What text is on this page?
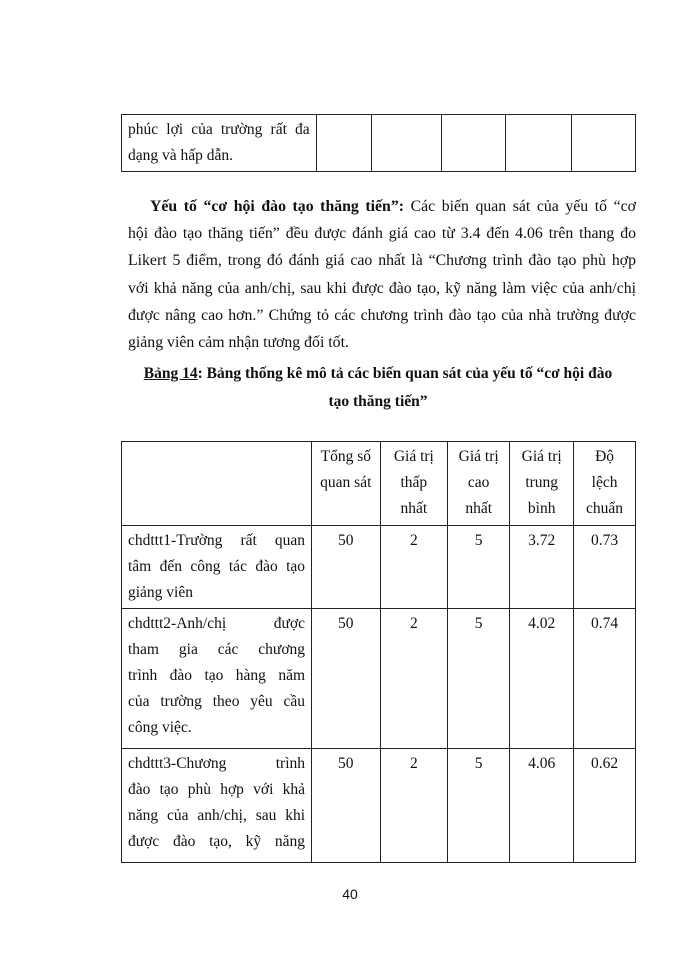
phúc lợi của trường rất đa
dạng và hấp dẫn.

Yếu tố “cơ hội đào tạo thăng tiến”: Các biến quan sát của yếu tố “cơ
hội đào tạo thăng tiến” đều được đánh giá cao từ 3.4 đến 4.06 trên thang đo
Likert 5 điểm, trong đó đánh giá cao nhất là “Chương trình đào tạo phù hợp
với khả năng của anh/chị, sau khi được đào tạo, kỹ năng làm việc của anh/chị
được nâng cao hơn.” Chứng tỏ các chương trình đào tạo của nhà trường được
giảng viên cảm nhận tương đối tốt.
Bảng 14: Bảng thống kê mô tả các biến quan sát của yếu tố “cơ hội đào
tạo thăng tiến”

	Tổng số
quan sát	Giá trị
thấp
nhất	Giá trị
cao
nhất	Giá trị
trung
bình	Độ
lệch
chuẩn

chdttt1-Trường rất quan
tâm đến công tác đào tạo
giảng viên	50	2	5	3.72	0.73

chdttt2-Anh/chị được
tham gia các chương
trình đào tạo hàng năm
của trường theo yêu cầu
công việc.	50	2	5	4.02	0.74

chdttt3-Chương trình
đào tạo phù hợp với khả
năng của anh/chị, sau khi
được đào tạo, kỹ năng	50	2	5	4.06	0.62
40
